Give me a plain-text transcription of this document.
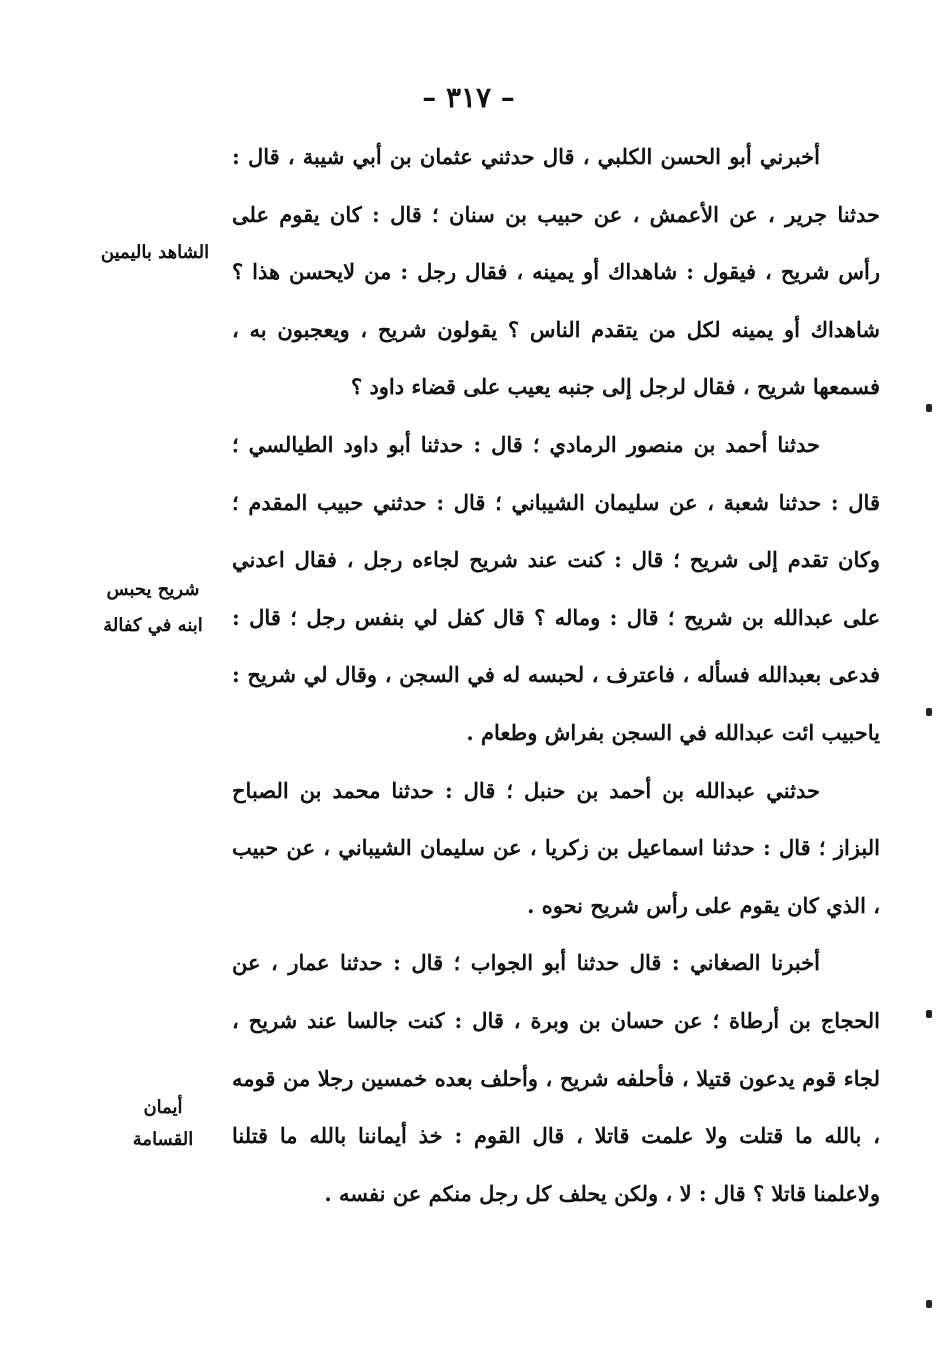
– ٣١٧ –

أخبرني أبو الحسن الكلبي ، قال حدثني عثمان بن أبي شيبة ، قال : حدثنا جرير ، عن الأعمش ، عن حبيب بن سنان ؛ قال : كان يقوم على رأس شريح ، فيقول : شاهداك أو يمينه ، فقال رجل : من لايحسن هذا ؟ شاهداك أو يمينه لكل من يتقدم الناس ؟ يقولون شريح ، ويعجبون به ، فسمعها شريح ، فقال لرجل إلى جنبه يعيب على قضاء داود ؟

حدثنا أحمد بن منصور الرمادي ؛ قال : حدثنا أبو داود الطيالسي ؛ قال : حدثنا شعبة ، عن سليمان الشيباني ؛ قال : حدثني حبيب المقدم ؛ وكان تقدم إلى شريح ؛ قال : كنت عند شريح لجاءه رجل ، فقال اعدني على عبدالله بن شريح ؛ قال : وماله ؟ قال كفل لي بنفس رجل ؛ قال : فدعى بعبدالله فسأله ، فاعترف ، لحبسه له في السجن ، وقال لي شريح : ياحبيب ائت عبدالله في السجن بفراش وطعام .

حدثني عبدالله بن أحمد بن حنبل ؛ قال : حدثنا محمد بن الصباح البزاز ؛ قال : حدثنا اسماعيل بن زكريا ، عن سليمان الشيباني ، عن حبيب ، الذي كان يقوم على رأس شريح نحوه .

أخبرنا الصغاني : قال حدثنا أبو الجواب ؛ قال : حدثنا عمار ، عن الحجاج بن أرطاة ؛ عن حسان بن وبرة ، قال : كنت جالسا عند شريح ، لجاء قوم يدعون قتيلا ، فأحلفه شريح ، وأحلف بعده خمسين رجلا من قومه ، بالله ما قتلت ولا علمت قاتلا ، قال القوم : خذ أيماننا بالله ما قتلنا ولاعلمنا قاتلا ؟ قال : لا ، ولكن يحلف كل رجل منكم عن نفسه .

الشاهد باليمين
شريح يحبس
ابنه في كفالة
أيمان
القسامة
